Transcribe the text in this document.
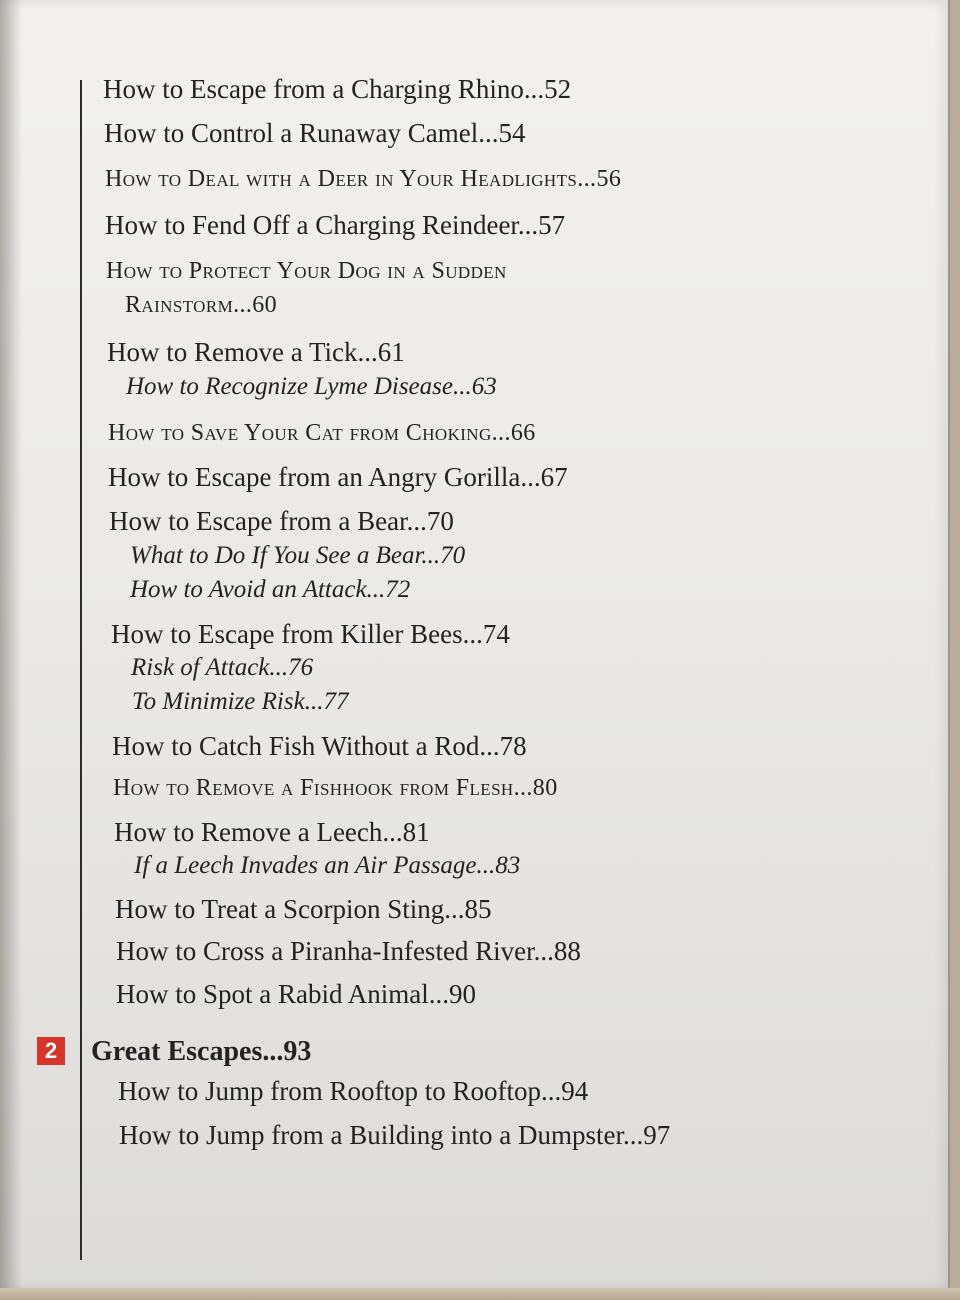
How to Escape from a Charging Rhino...52
How to Control a Runaway Camel...54
How to Deal with a Deer in Your Headlights...56
How to Fend Off a Charging Reindeer...57
How to Protect Your Dog in a Sudden
Rainstorm...60
How to Remove a Tick...61
How to Recognize Lyme Disease...63
How to Save Your Cat from Choking...66
How to Escape from an Angry Gorilla...67
How to Escape from a Bear...70
What to Do If You See a Bear...70
How to Avoid an Attack...72
How to Escape from Killer Bees...74
Risk of Attack...76
To Minimize Risk...77
How to Catch Fish Without a Rod...78
How to Remove a Fishhook from Flesh...80
How to Remove a Leech...81
If a Leech Invades an Air Passage...83
How to Treat a Scorpion Sting...85
How to Cross a Piranha-Infested River...88
How to Spot a Rabid Animal...90
2 Great Escapes...93
How to Jump from Rooftop to Rooftop...94
How to Jump from a Building into a Dumpster...97
